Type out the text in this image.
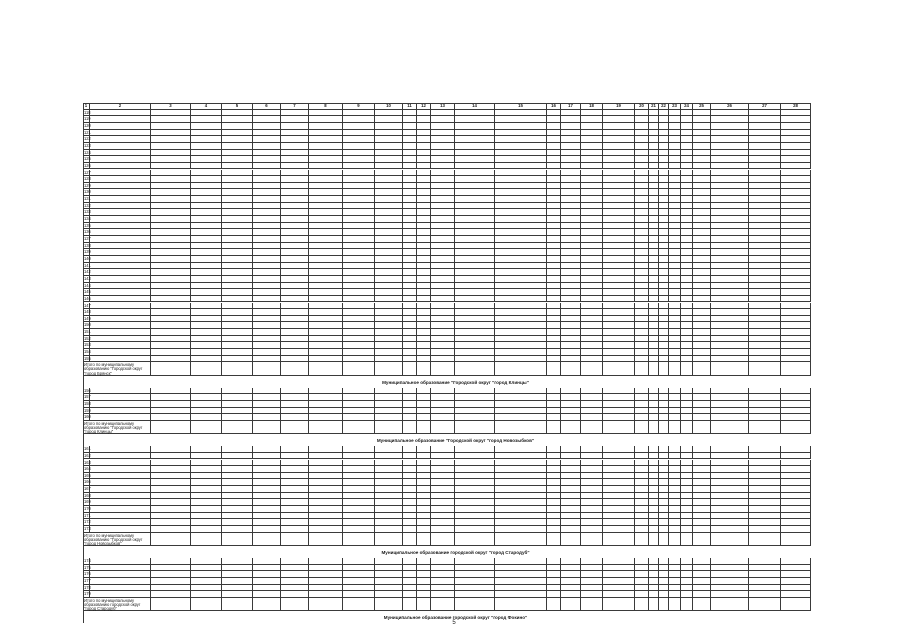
5
1	2	3	4	5	6	7	8	9	10	11	12	13	14	15	16	17	18	19	20	21	22	23	24	25	26	27	28
118
119
120
121
122
123
124
125
126
127
128
129
130
131
132
133
134
135
136
137
138
139
140
141
142
143
144
145
146
147
148
149
150
151
152
153
154
155
Итого по муниципальному образованию "Городской округ "город Брянск"
Муниципальное образование "Городской округ "город Клинцы"
156
157
158
159
160
Итого по муниципальному образованию "Городской округ "город Клинцы"
Муниципальное образование "Городской округ "город Новозыбков"
161
162
163
164
165
166
167
168
169
170
171
172
173
Итого по муниципальному образованию "Городской округ "город Новозыбков"
Муниципальное образование городской округ "город Стародуб"
174
175
176
177
178
179
Итого по муниципальному образованию городской округ "город Стародуб"
Муниципальное образование городской округ "город Фокино"
